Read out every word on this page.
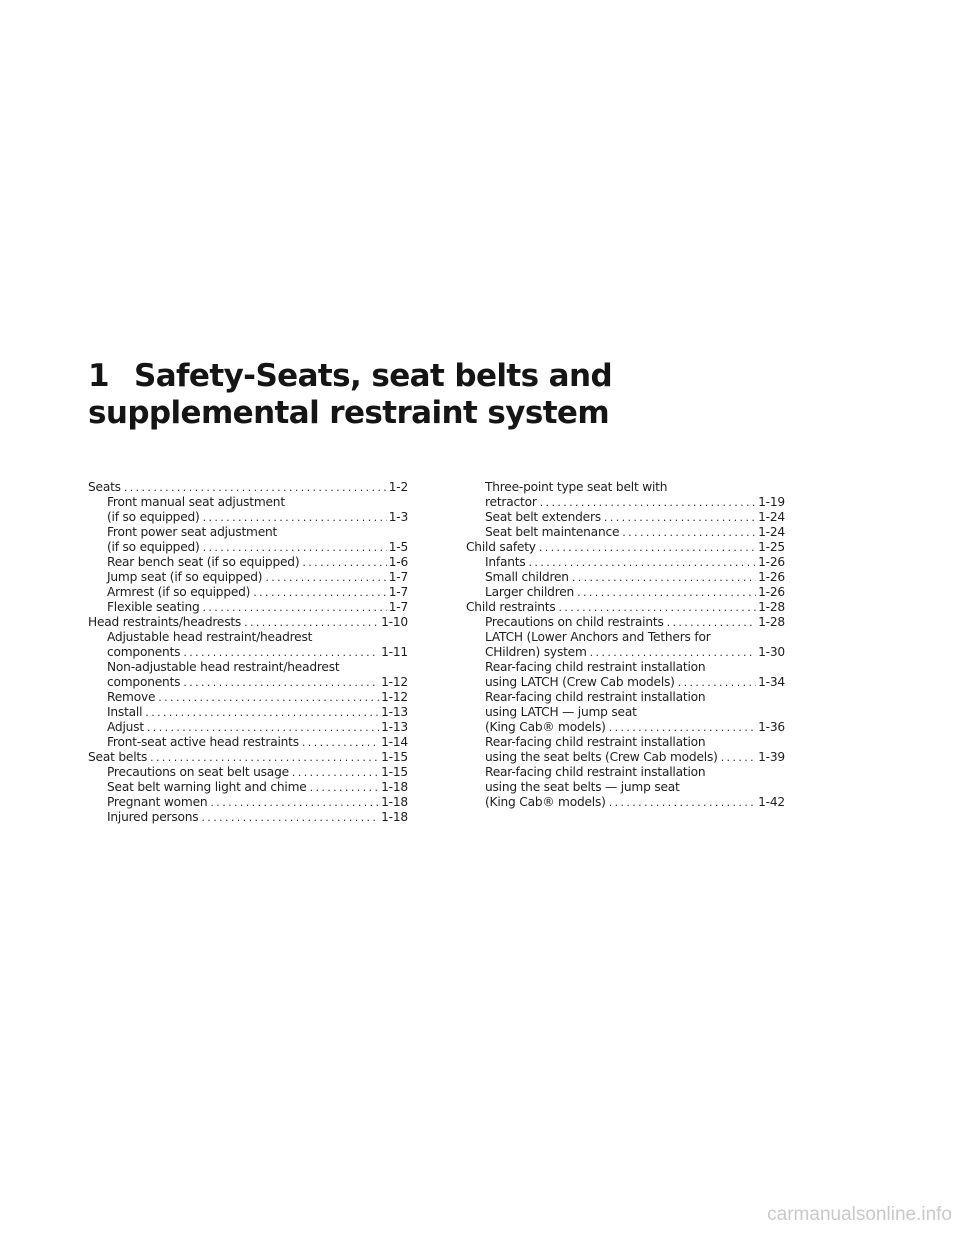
1 Safety-Seats, seat belts and
supplemental restraint system
Seats .....	1-2
Front manual seat adjustment
(if so equipped) .....	1-3
Front power seat adjustment
(if so equipped) .....	1-5
Rear bench seat (if so equipped) .....	1-6
Jump seat (if so equipped) .....	1-7
Armrest (if so equipped) .....	1-7
Flexible seating .....	1-7
Head restraints/headrests .....	1-10
Adjustable head restraint/headrest
components .....	1-11
Non-adjustable head restraint/headrest
components .....	1-12
Remove .....	1-12
Install .....	1-13
Adjust .....	1-13
Front-seat active head restraints .....	1-14
Seat belts .....	1-15
Precautions on seat belt usage .....	1-15
Seat belt warning light and chime .....	1-18
Pregnant women .....	1-18
Injured persons .....	1-18
Three-point type seat belt with
retractor .....	1-19
Seat belt extenders .....	1-24
Seat belt maintenance .....	1-24
Child safety .....	1-25
Infants .....	1-26
Small children .....	1-26
Larger children .....	1-26
Child restraints .....	1-28
Precautions on child restraints .....	1-28
LATCH (Lower Anchors and Tethers for
CHildren) system .....	1-30
Rear-facing child restraint installation
using LATCH (Crew Cab models) .....	1-34
Rear-facing child restraint installation
using LATCH — jump seat
(King Cab® models) .....	1-36
Rear-facing child restraint installation
using the seat belts (Crew Cab models) .....	1-39
Rear-facing child restraint installation
using the seat belts — jump seat
(King Cab® models) .....	1-42
carmanualsonline.info
